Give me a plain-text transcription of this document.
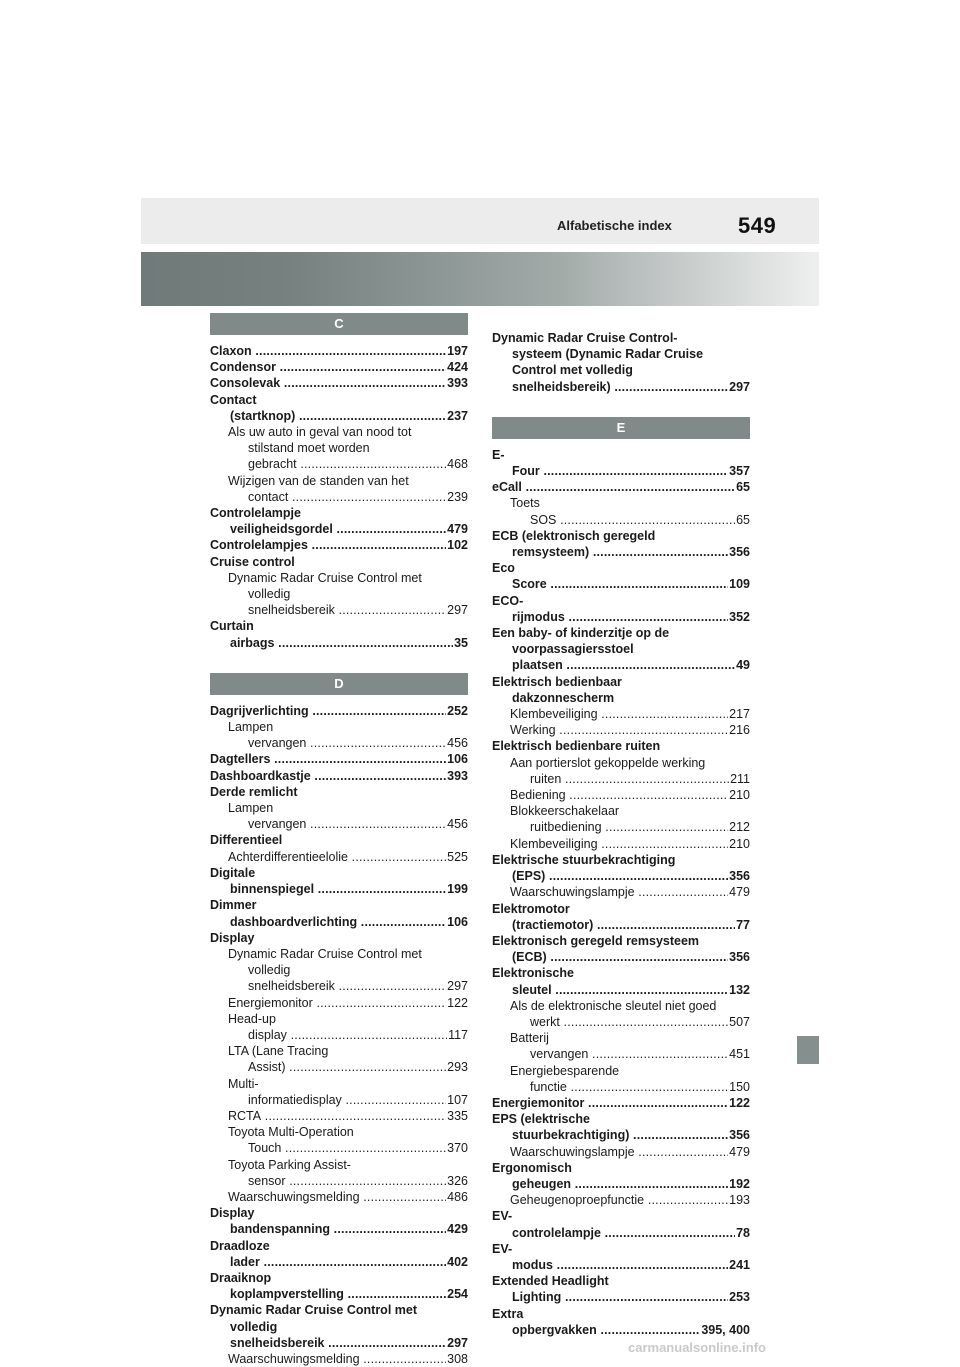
Alfabetische index	549
C
Claxon .....	197
Condensor .....	424
Consolevak .....	393
Contact (startknop) .....	237
Als uw auto in geval van nood tot stilstand moet worden gebracht .....	468
Wijzigen van de standen van het contact .....	239
Controlelampje veiligheidsgordel .....	479
Controlelampjes .....	102
Cruise control
Dynamic Radar Cruise Control met volledig snelheidsbereik .....	297
Curtain airbags .....	35
D
Dagrijverlichting .....	252
Lampen vervangen .....	456
Dagtellers .....	106
Dashboardkastje .....	393
Derde remlicht
Lampen vervangen .....	456
Differentieel
Achterdifferentieelolie .....	525
Digitale binnenspiegel .....	199
Dimmer dashboardverlichting .....	106
Display
Dynamic Radar Cruise Control met volledig snelheidsbereik .....	297
Energiemonitor .....	122
Head-up display .....	117
LTA (Lane Tracing Assist) .....	293
Multi-informatiedisplay .....	107
RCTA .....	335
Toyota Multi-Operation Touch .....	370
Toyota Parking Assist-sensor .....	326
Waarschuwingsmelding .....	486
Display bandenspanning .....	429
Draadloze lader .....	402
Draaiknop koplampverstelling .....	254
Dynamic Radar Cruise Control met volledig snelheidsbereik .....	297
Waarschuwingsmelding .....	308
Dynamic Radar Cruise Control-systeem (Dynamic Radar Cruise Control met volledig snelheidsbereik) .....	297
E
E-Four .....	357
eCall .....	65
Toets SOS .....	65
ECB (elektronisch geregeld remsysteem) .....	356
Eco Score .....	109
ECO-rijmodus .....	352
Een baby- of kinderzitje op de voorpassagiersstoel plaatsen .....	49
Elektrisch bedienbaar dakzonnescherm
Klembeveiliging .....	217
Werking .....	216
Elektrisch bedienbare ruiten
Aan portierslot gekoppelde werking ruiten .....	211
Bediening .....	210
Blokkeerschakelaar ruitbediening .....	212
Klembeveiliging .....	210
Elektrische stuurbekrachtiging (EPS) .....	356
Waarschuwingslampje .....	479
Elektromotor (tractiemotor) .....	77
Elektronisch geregeld remsysteem (ECB) .....	356
Elektronische sleutel .....	132
Als de elektronische sleutel niet goed werkt .....	507
Batterij vervangen .....	451
Energiebesparende functie .....	150
Energiemonitor .....	122
EPS (elektrische stuurbekrachtiging) .....	356
Waarschuwingslampje .....	479
Ergonomisch geheugen .....	192
Geheugenoproepfunctie .....	193
EV-controlelampje .....	78
EV-modus .....	241
Extended Headlight Lighting .....	253
Extra opbergvakken .....	395, 400
carmanualsonline.info
